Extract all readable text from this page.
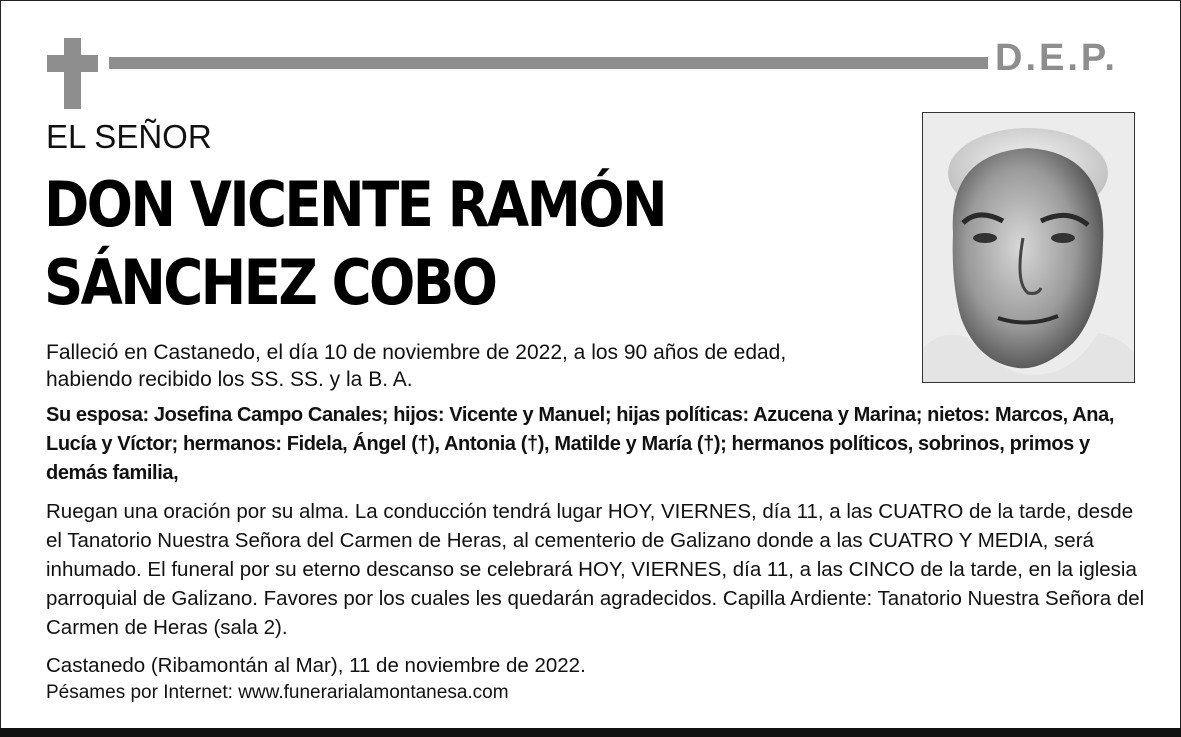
D.E.P.
EL SEÑOR
DON VICENTE RAMÓN
SÁNCHEZ COBO
Falleció en Castanedo, el día 10 de noviembre de 2022, a los 90 años de edad, habiendo recibido los SS. SS. y la B. A.
Su esposa: Josefina Campo Canales; hijos: Vicente y Manuel; hijas políticas: Azucena y Marina; nietos: Marcos, Ana, Lucía y Víctor; hermanos: Fidela, Ángel (†), Antonia (†), Matilde y María (†); hermanos políticos, sobrinos, primos y demás familia,
Ruegan una oración por su alma. La conducción tendrá lugar HOY, VIERNES, día 11, a las CUATRO de la tarde, desde el Tanatorio Nuestra Señora del Carmen de Heras, al cementerio de Galizano donde a las CUATRO Y MEDIA, será inhumado. El funeral por su eterno descanso se celebrará HOY, VIERNES, día 11, a las CINCO de la tarde, en la iglesia parroquial de Galizano. Favores por los cuales les quedarán agradecidos. Capilla Ardiente: Tanatorio Nuestra Señora del Carmen de Heras (sala 2).
Castanedo (Ribamontán al Mar), 11 de noviembre de 2022.
Pésames por Internet: www.funerarialamontanesa.com
